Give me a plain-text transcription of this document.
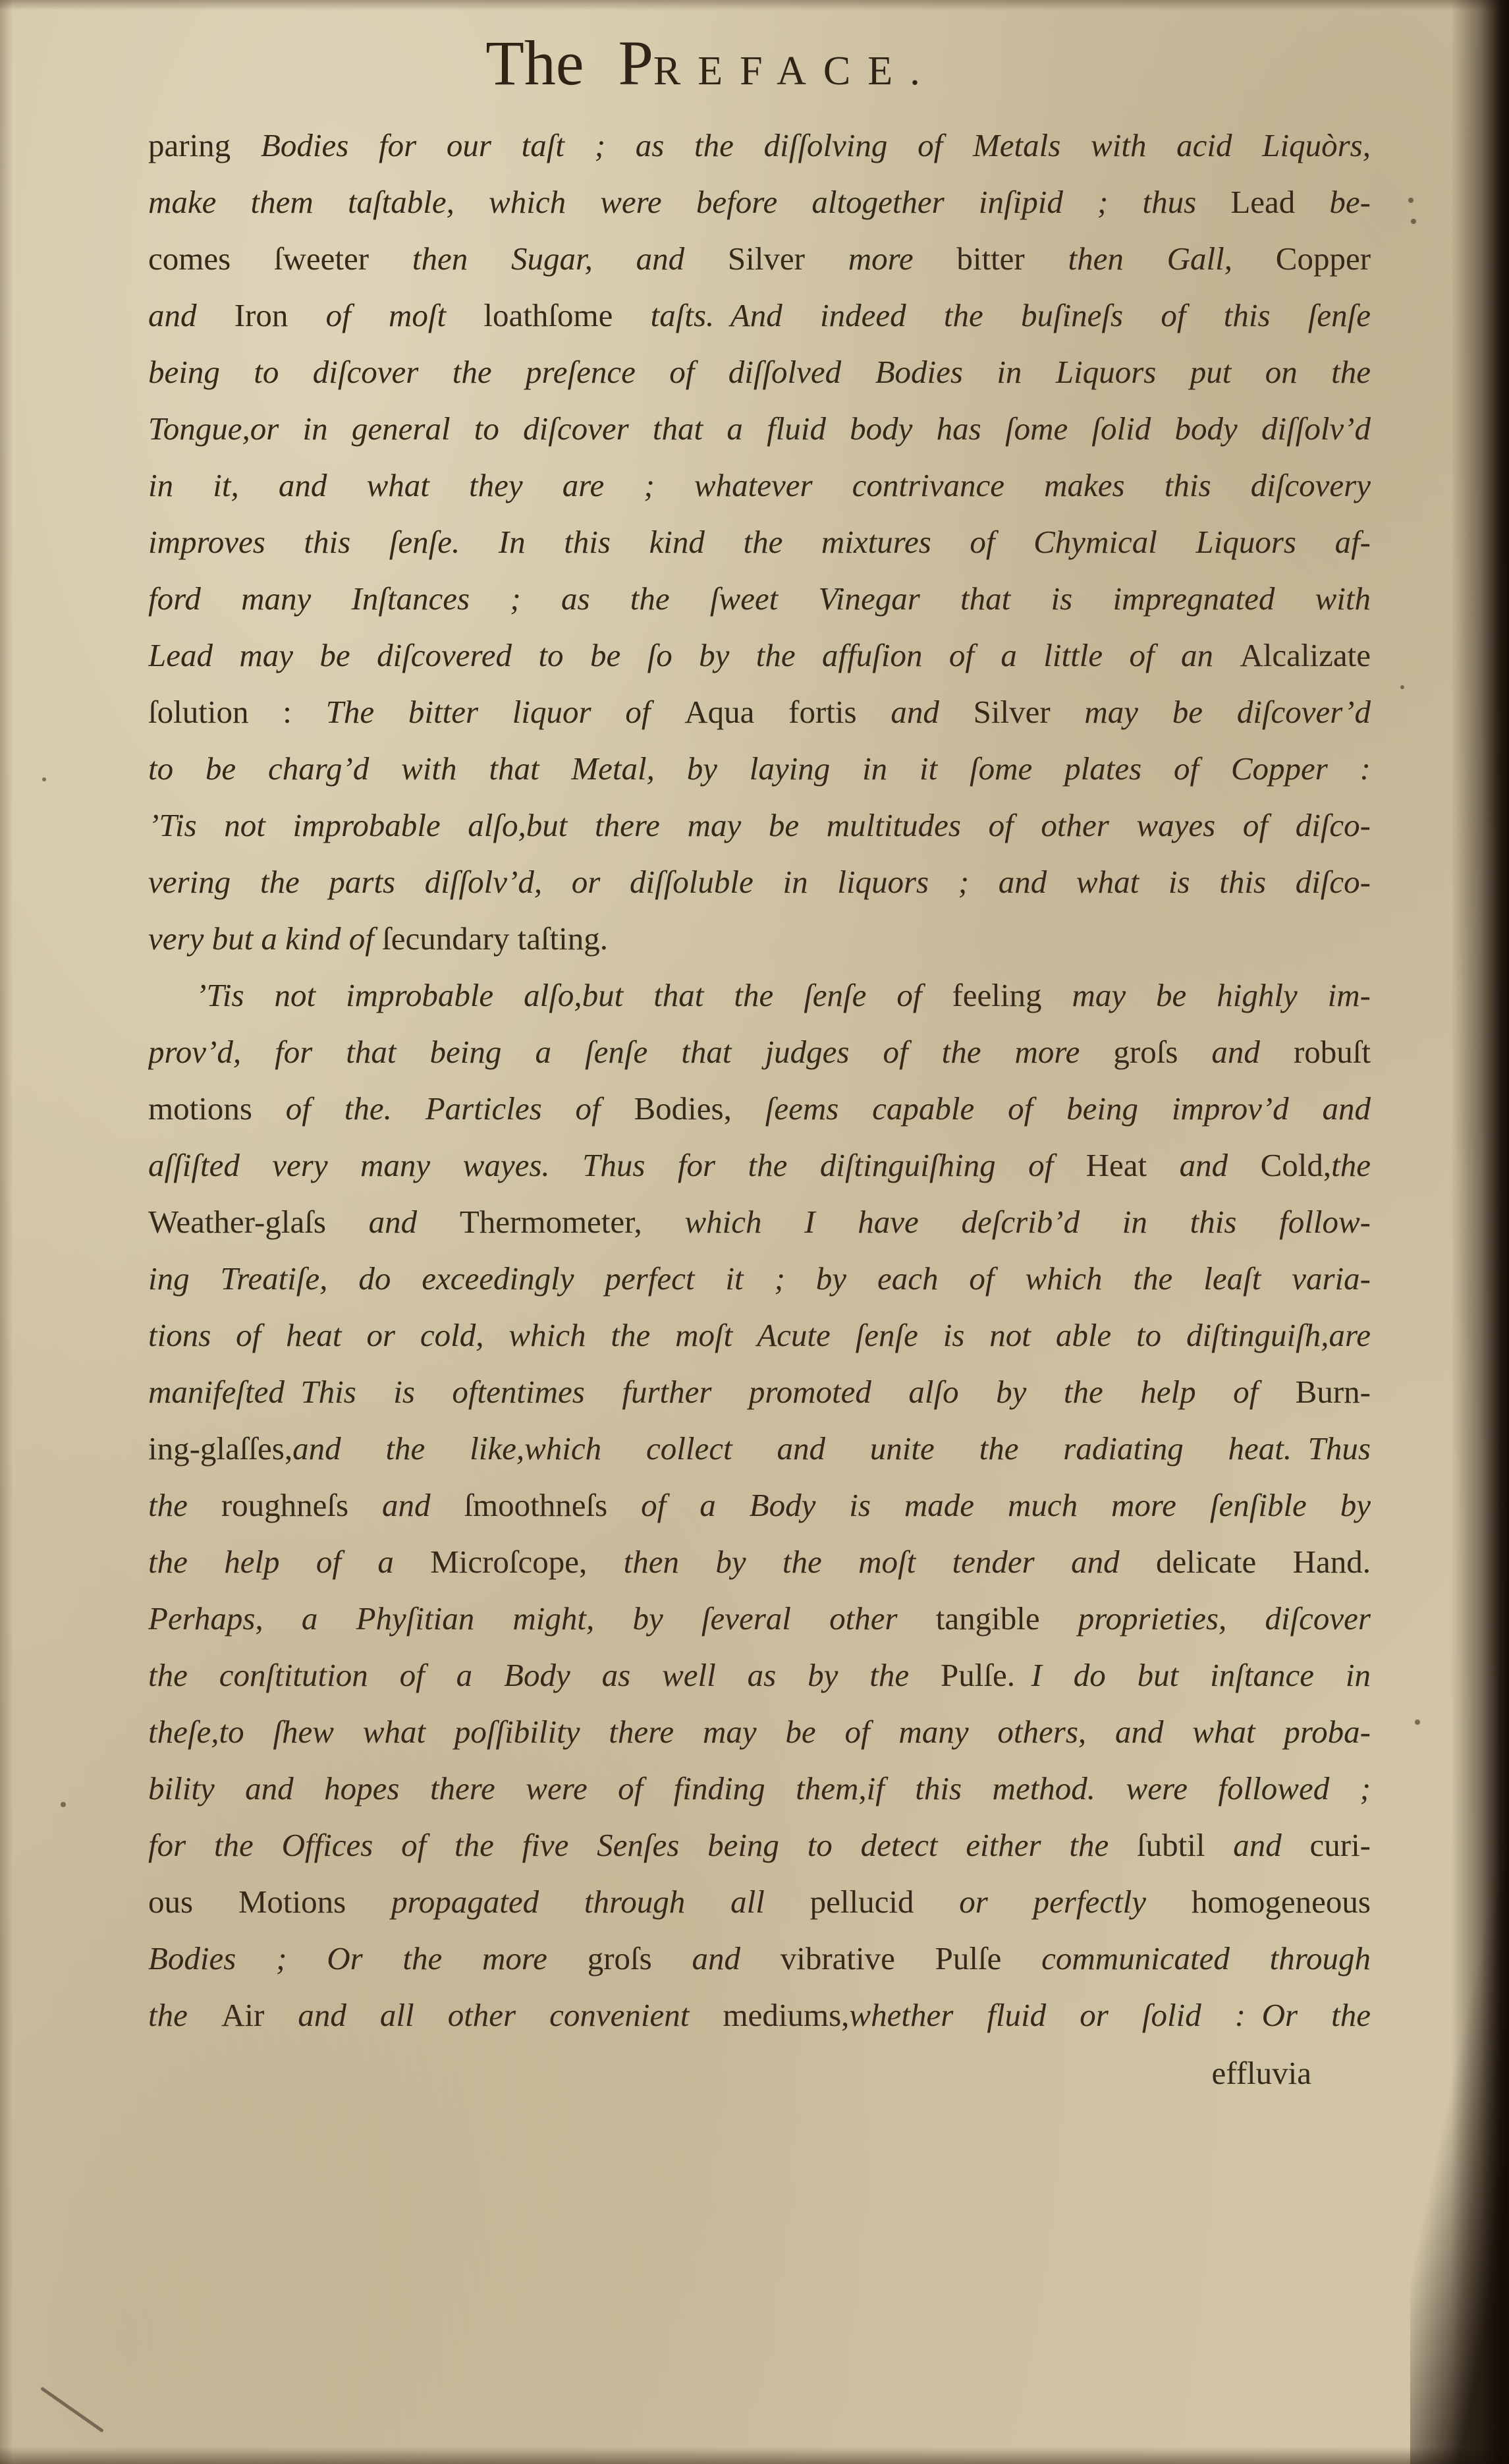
The PREFACE.
paring Bodies for our taſt ; as the diſſolving of Metals with acid Liquòrs,
make them taſtable, which were before altogether inſipid ; thus Lead be-
comes ſweeter then Sugar, and Silver more bitter then Gall, Copper
and Iron of moſt loathſome taſts. And indeed the buſineſs of this ſenſe
being to diſcover the preſence of diſſolved Bodies in Liquors put on the
Tongue,or in general to diſcover that a fluid body has ſome ſolid body diſſolv’d
in it, and what they are ; whatever contrivance makes this diſcovery
improves this ſenſe. In this kind the mixtures of Chymical Liquors af-
ford many Inſtances ; as the ſweet Vinegar that is impregnated with
Lead may be diſcovered to be ſo by the affuſion of a little of an Alcalizate
ſolution : The bitter liquor of Aqua fortis and Silver may be diſcover’d
to be charg’d with that Metal, by laying in it ſome plates of Copper :
’Tis not improbable alſo,but there may be multitudes of other wayes of diſco-
vering the parts diſſolv’d, or diſſoluble in liquors ; and what is this diſco-
very but a kind of ſecundary taſting.
’Tis not improbable alſo,but that the ſenſe of feeling may be highly im-
prov’d, for that being a ſenſe that judges of the more groſs and robuſt
motions of the. Particles of Bodies, ſeems capable of being improv’d and
aſſiſted very many wayes. Thus for the diſtinguiſhing of Heat and Cold,the
Weather-glaſs and Thermometer, which I have deſcrib’d in this follow-
ing Treatiſe, do exceedingly perfect it ; by each of which the leaſt varia-
tions of heat or cold, which the moſt Acute ſenſe is not able to diſtinguiſh,are
manifeſted This is oftentimes further promoted alſo by the help of Burn-
ing-glaſſes,and the like,which collect and unite the radiating heat. Thus
the roughneſs and ſmoothneſs of a Body is made much more ſenſible by
the help of a Microſcope, then by the moſt tender and delicate Hand.
Perhaps, a Phyſitian might, by ſeveral other tangible proprieties, diſcover
the conſtitution of a Body as well as by the Pulſe. I do but inſtance in
theſe,to ſhew what poſſibility there may be of many others, and what proba-
bility and hopes there were of finding them,if this method. were followed ;
for the Offices of the five Senſes being to detect either the ſubtil and curi-
ous Motions propagated through all pellucid or perfectly homogeneous
Bodies ; Or the more groſs and vibrative Pulſe communicated through
the Air and all other convenient mediums,whether fluid or ſolid : Or the
effluvia
